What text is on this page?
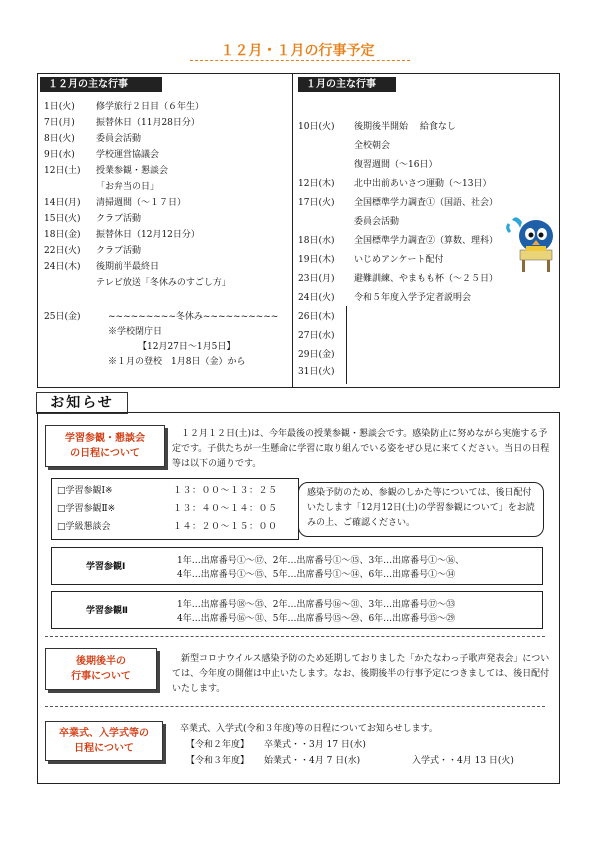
１２月・１月の行事予定
１２月の主な行事	１月の主な行事
1日(火) 修学旅行２日目（６年生）
7日(月) 振替休日（11月28日分）
8日(火) 委員会活動
9日(水) 学校運営協議会
12日(土) 授業参観・懇談会
「お弁当の日」
14日(月) 清掃週間（～１７日）
15日(火) クラブ活動
18日(金) 振替休日（12月12日分）
22日(火) クラブ活動
24日(木) 後期前半最終日
テレビ放送「冬休みのすごし方」
25日(金)	~~~~~~~~~冬休み~~~~~~~~~~
※学校閉庁日
【12月27日～1月5日】
※１月の登校　1月8日（金）から
10日(火) 後期後半開始　 給食なし
全校朝会
復習週間（～16日）
12日(木) 北中出前あいさつ運動（～13日）
17日(火) 全国標準学力調査①（国語、社会）
委員会活動
18日(水) 全国標準学力調査②（算数、理科）
19日(木) いじめアンケート配付
23日(月) 避難訓練、やまもも杯（～２５日）
24日(火) 令和５年度入学予定者説明会
26日(木)
27日(水)
29日(金)
31日(火)
お知らせ
学習参観・懇談会
の日程について
　１２月１２日(土)は、今年最後の授業参観・懇談会です。感染防止に努めながら実施する予定です。子供たちが一生懸命に学習に取り組んでいる姿をぜひ見に来てください。当日の日程等は以下の通りです。
□学習参観Ⅰ※	１３：００～１３：２５
□学習参観Ⅱ※	１３：４０～１４：０５
□学級懇談会	１４：２０～１５：００
感染予防のため、参観のしかた等については、後日配付いたします「12月12日(土)の学習参観について」をお読みの上、ご確認ください。
学習参観Ⅰ
1年…出席番号①～⑰、2年…出席番号①～⑮、3年…出席番号①～⑯、
4年…出席番号①～⑮、5年…出席番号①～⑭、6年…出席番号①～⑭
学習参観Ⅱ
1年…出席番号⑱～㉟、2年…出席番号⑯～㉛、3年…出席番号⑰～㉝
4年…出席番号⑯～㉛、5年…出席番号⑮～㉙、6年…出席番号⑮～㉙
後期後半の
行事について
新型コロナウイルス感染予防のため延期しておりました「かたなわっ子歌声発表会」については、今年度の開催は中止いたします。なお、後期後半の行事予定につきましては、後日配付いたします。
卒業式、入学式等の
日程について
卒業式、入学式(令和３年度)等の日程についてお知らせします。
【令和２年度】 卒業式・・3月 17 日(水)
【令和３年度】 始業式・・4月 7 日(水)	入学式・・4月 13 日(火)
